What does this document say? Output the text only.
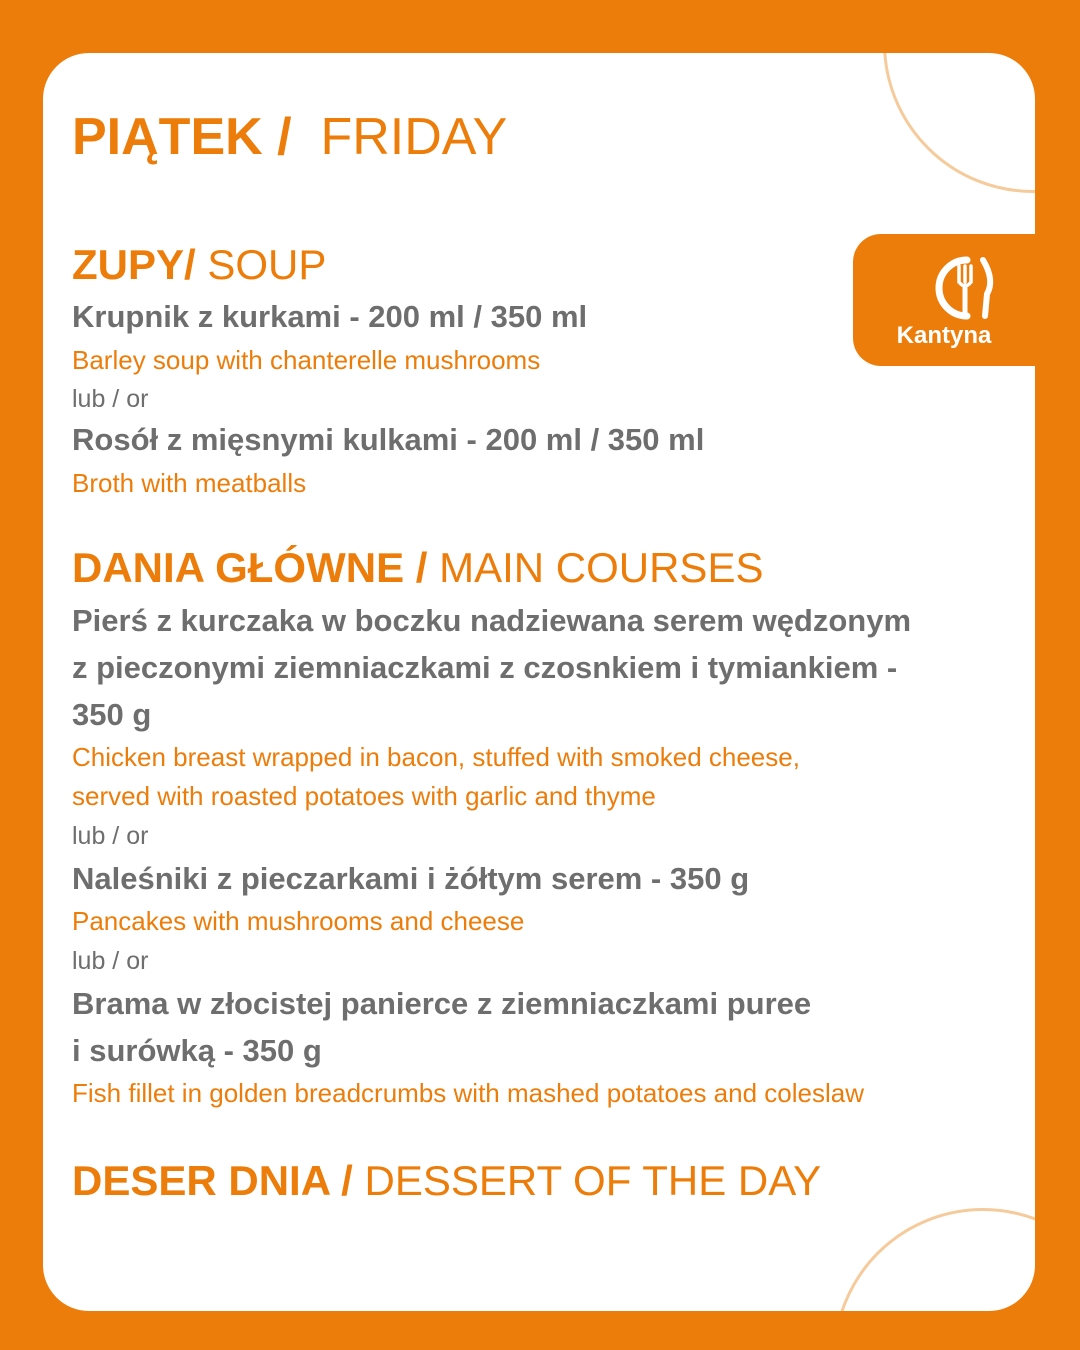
Kantyna
PIĄTEK / FRIDAY
ZUPY/ SOUP

Krupnik z kurkami - 200 ml / 350 ml

Barley soup with chanterelle mushrooms

lub / or

Rosół z mięsnymi kulkami - 200 ml / 350 ml

Broth with meatballs

DANIA GŁÓWNE / MAIN COURSES

Pierś z kurczaka w boczku nadziewana serem wędzonym

z pieczonymi ziemniaczkami z czosnkiem i tymiankiem -

350 g

Chicken breast wrapped in bacon, stuffed with smoked cheese,

served with roasted potatoes with garlic and thyme

lub / or

Naleśniki z pieczarkami i żółtym serem - 350 g

Pancakes with mushrooms and cheese

lub / or

Brama w złocistej panierce z ziemniaczkami puree

i surówką - 350 g

Fish fillet in golden breadcrumbs with mashed potatoes and coleslaw

DESER DNIA / DESSERT OF THE DAY
